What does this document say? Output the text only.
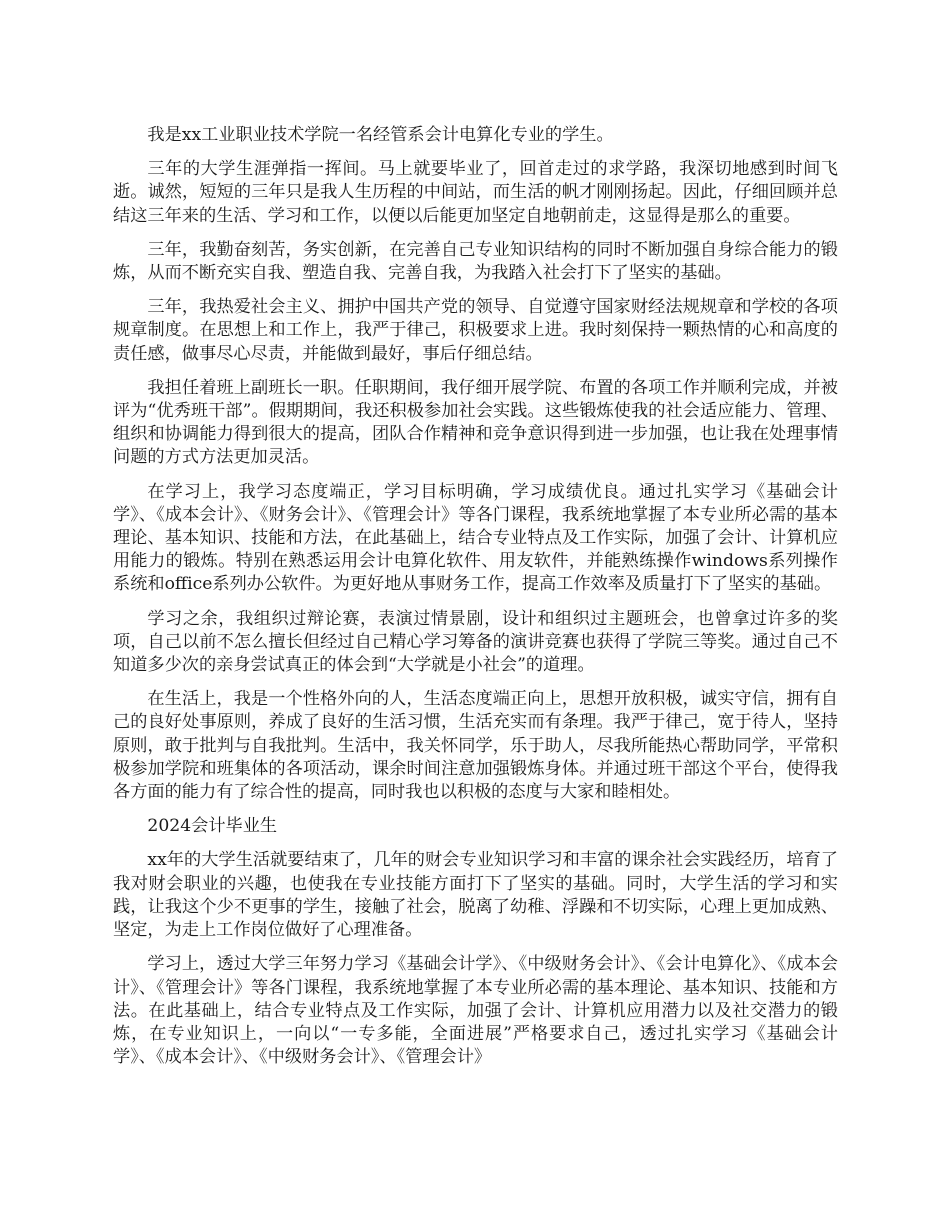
我是xx工业职业技术学院一名经管系会计电算化专业的学生。

三年的大学生涯弹指一挥间。马上就要毕业了，回首走过的求学路，我深切地感到时间飞逝。诚然，短短的三年只是我人生历程的中间站，而生活的帆才刚刚扬起。因此，仔细回顾并总结这三年来的生活、学习和工作，以便以后能更加坚定自地朝前走，这显得是那么的重要。

三年，我勤奋刻苦，务实创新，在完善自己专业知识结构的同时不断加强自身综合能力的锻炼，从而不断充实自我、塑造自我、完善自我，为我踏入社会打下了坚实的基础。

三年，我热爱社会主义、拥护中国共产党的领导、自觉遵守国家财经法规规章和学校的各项规章制度。在思想上和工作上，我严于律己，积极要求上进。我时刻保持一颗热情的心和高度的责任感，做事尽心尽责，并能做到最好，事后仔细总结。

我担任着班上副班长一职。任职期间，我仔细开展学院、布置的各项工作并顺利完成，并被评为“优秀班干部”。假期期间，我还积极参加社会实践。这些锻炼使我的社会适应能力、管理、组织和协调能力得到很大的提高，团队合作精神和竞争意识得到进一步加强，也让我在处理事情问题的方式方法更加灵活。

在学习上，我学习态度端正，学习目标明确，学习成绩优良。通过扎实学习《基础会计学》、《成本会计》、《财务会计》、《管理会计》等各门课程，我系统地掌握了本专业所必需的基本理论、基本知识、技能和方法，在此基础上，结合专业特点及工作实际，加强了会计、计算机应用能力的锻炼。特别在熟悉运用会计电算化软件、用友软件，并能熟练操作windows系列操作系统和office系列办公软件。为更好地从事财务工作，提高工作效率及质量打下了坚实的基础。

学习之余，我组织过辩论赛，表演过情景剧，设计和组织过主题班会，也曾拿过许多的奖项，自己以前不怎么擅长但经过自己精心学习筹备的演讲竞赛也获得了学院三等奖。通过自己不知道多少次的亲身尝试真正的体会到“大学就是小社会”的道理。

在生活上，我是一个性格外向的人，生活态度端正向上，思想开放积极，诚实守信，拥有自己的良好处事原则，养成了良好的生活习惯，生活充实而有条理。我严于律己，宽于待人，坚持原则，敢于批判与自我批判。生活中，我关怀同学，乐于助人，尽我所能热心帮助同学，平常积极参加学院和班集体的各项活动，课余时间注意加强锻炼身体。并通过班干部这个平台，使得我各方面的能力有了综合性的提高，同时我也以积极的态度与大家和睦相处。

2024会计毕业生

xx年的大学生活就要结束了，几年的财会专业知识学习和丰富的课余社会实践经历，培育了我对财会职业的兴趣，也使我在专业技能方面打下了坚实的基础。同时，大学生活的学习和实践，让我这个少不更事的学生，接触了社会，脱离了幼稚、浮躁和不切实际，心理上更加成熟、坚定，为走上工作岗位做好了心理准备。

学习上，透过大学三年努力学习《基础会计学》、《中级财务会计》、《会计电算化》、《成本会计》、《管理会计》等各门课程，我系统地掌握了本专业所必需的基本理论、基本知识、技能和方法。在此基础上，结合专业特点及工作实际，加强了会计、计算机应用潜力以及社交潜力的锻炼，在专业知识上，一向以“一专多能，全面进展”严格要求自己，透过扎实学习《基础会计学》、《成本会计》、《中级财务会计》、《管理会计》
